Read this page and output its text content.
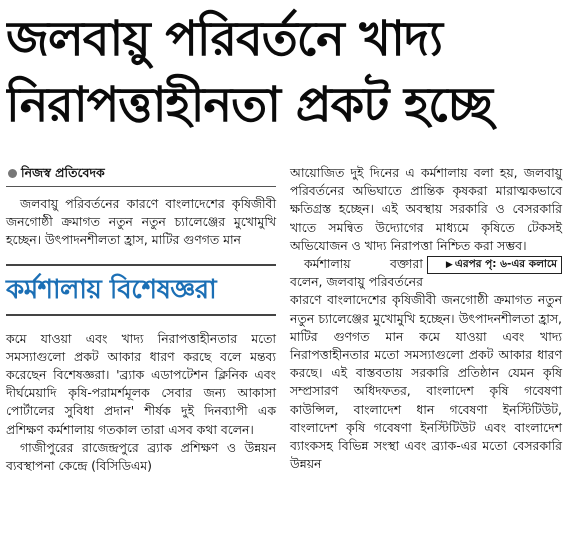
জলবায়ু পরিবর্তনে খাদ্য
নিরাপত্তাহীনতা প্রকট হচ্ছে
নিজস্ব প্রতিবেদক

জলবায়ু পরিবর্তনের কারণে বাংলাদেশের কৃষিজীবী জনগোষ্ঠী ক্রমাগত নতুন নতুন চ্যালেঞ্জের মুখোমুখি হচ্ছেন। উৎপাদনশীলতা হ্রাস, মাটির গুণগত মান

কর্মশালায় বিশেষজ্ঞরা

কমে যাওয়া এবং খাদ্য নিরাপত্তাহীনতার মতো সমস্যাগুলো প্রকট আকার ধারণ করছে বলে মন্তব্য করেছেন বিশেষজ্ঞরা। 'ব্র্যাক এডাপটেশন ক্লিনিক এবং দীর্ঘমেয়াদি কৃষি-পরামর্শমূলক সেবার জন্য আকাসা পোর্টালের সুবিধা প্রদান' শীর্ষক দুই দিনব্যাপী এক প্রশিক্ষণ কর্মশালায় গতকাল তারা এসব কথা বলেন।

গাজীপুরের রাজেন্দ্রপুরে ব্র্যাক প্রশিক্ষণ ও উন্নয়ন ব্যবস্থাপনা কেন্দ্রে (বিসিডিএম)

আয়োজিত দুই দিনের এ কর্মশালায় বলা হয়, জলবায়ু পরিবর্তনের অভিঘাতে প্রান্তিক কৃষকরা মারাত্মকভাবে ক্ষতিগ্রস্ত হচ্ছেন। এই অবস্থায় সরকারি ও বেসরকারি খাতে সমন্বিত উদ্যোগের মাধ্যমে কৃষিতে টেকসই অভিযোজন ও খাদ্য নিরাপত্তা নিশ্চিত করা সম্ভব।

▶ এরপর পৃ: ৬-এর কলামে
কর্মশালায় বক্তারা বলেন, জলবায়ু পরিবর্তনের কারণে বাংলাদেশের কৃষিজীবী জনগোষ্ঠী ক্রমাগত নতুন নতুন চ্যালেঞ্জের মুখোমুখি হচ্ছেন। উৎপাদনশীলতা হ্রাস, মাটির গুণগত মান কমে যাওয়া এবং খাদ্য নিরাপত্তাহীনতার মতো সমস্যাগুলো প্রকট আকার ধারণ করছে। এই বাস্তবতায় সরকারি প্রতিষ্ঠান যেমন কৃষি সম্প্রসারণ অধিদফতর, বাংলাদেশ কৃষি গবেষণা কাউন্সিল, বাংলাদেশ ধান গবেষণা ইনস্টিটিউট, বাংলাদেশ কৃষি গবেষণা ইনস্টিটিউট এবং বাংলাদেশ ব্যাংকসহ বিভিন্ন সংস্থা এবং ব্র্যাক-এর মতো বেসরকারি উন্নয়ন
